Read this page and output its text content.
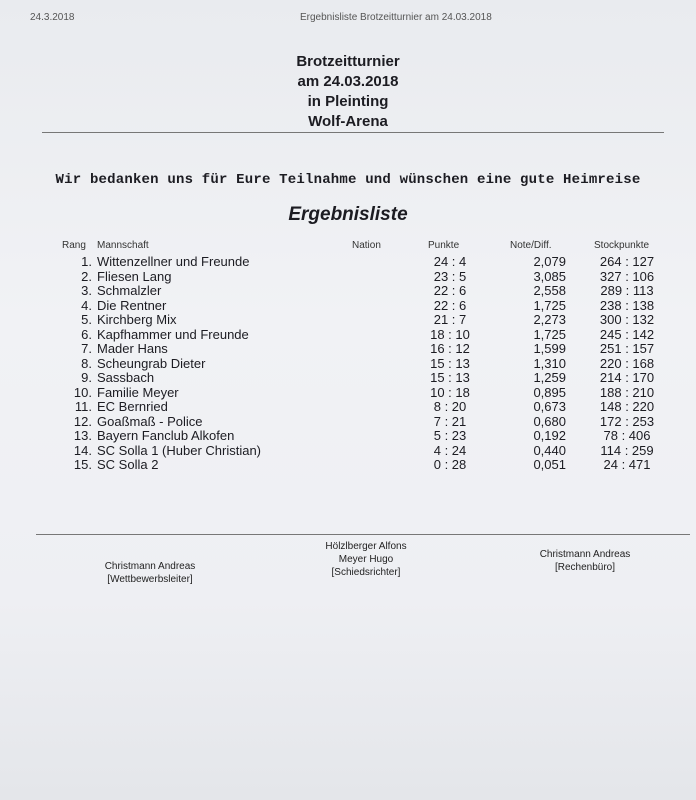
24.3.2018	Ergebnisliste Brotzeitturnier am 24.03.2018
Brotzeitturnier
am 24.03.2018
in Pleinting
Wolf-Arena
Wir bedanken uns für Eure Teilnahme und wünschen eine gute Heimreise
Ergebnisliste
Rang Mannschaft	Nation	Punkte	Note/Diff.	Stockpunkte
1. Wittenzellner und Freunde	24 : 4	2,079	264 : 127
2. Fliesen Lang	23 : 5	3,085	327 : 106
3. Schmalzler	22 : 6	2,558	289 : 113
4. Die Rentner	22 : 6	1,725	238 : 138
5. Kirchberg Mix	21 : 7	2,273	300 : 132
6. Kapfhammer und Freunde	18 : 10	1,725	245 : 142
7. Mader Hans	16 : 12	1,599	251 : 157
8. Scheungrab Dieter	15 : 13	1,310	220 : 168
9. Sassbach	15 : 13	1,259	214 : 170
10. Familie Meyer	10 : 18	0,895	188 : 210
11. EC Bernried	8 : 20	0,673	148 : 220
12. Goaßmaß - Police	7 : 21	0,680	172 : 253
13. Bayern Fanclub Alkofen	5 : 23	0,192	78 : 406
14. SC Solla 1 (Huber Christian)	4 : 24	0,440	114 : 259
15. SC Solla 2	0 : 28	0,051	24 : 471
Christmann Andreas
[Wettbewerbsleiter]
Hölzlberger Alfons
Meyer Hugo
[Schiedsrichter]
Christmann Andreas
[Rechenbüro]
